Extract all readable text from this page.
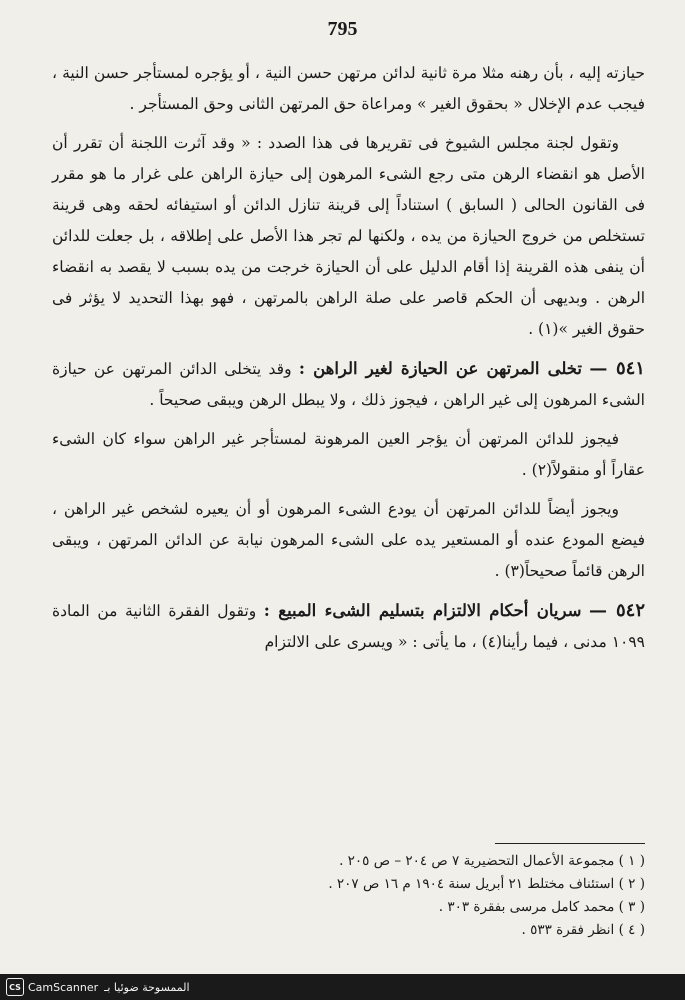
795

حيازته إليه ، بأن رهنه مثلا مرة ثانية لدائن مرتهن حسن النية ، أو يؤجره لمستأجر حسن النية ، فيجب عدم الإخلال « بحقوق الغير » ومراعاة حق المرتهن الثانى وحق المستأجر .

وتقول لجنة مجلس الشيوخ فى تقريرها فى هذا الصدد : « وقد آثرت اللجنة أن تقرر أن الأصل هو انقضاء الرهن متى رجع الشىء المرهون إلى حيازة الراهن على غرار ما هو مقرر فى القانون الحالى ( السابق ) استناداً إلى قرينة تنازل الدائن أو استيفائه لحقه وهى قرينة تستخلص من خروج الحيازة من يده ، ولكنها لم تجر هذا الأصل على إطلاقه ، بل جعلت للدائن أن ينفى هذه القرينة إذا أقام الدليل على أن الحيازة خرجت من يده بسبب لا يقصد به انقضاء الرهن . وبديهى أن الحكم قاصر على صلة الراهن بالمرتهن ، فهو بهذا التحديد لا يؤثر فى حقوق الغير »(١) .

٥٤١ — تخلى المرتهن عن الحيازة لغير الراهن : وقد يتخلى الدائن المرتهن عن حيازة الشىء المرهون إلى غير الراهن ، فيجوز ذلك ، ولا يبطل الرهن ويبقى صحيحاً .

فيجوز للدائن المرتهن أن يؤجر العين المرهونة لمستأجر غير الراهن سواء كان الشىء عقاراً أو منقولاً(٢) .

ويجوز أيضاً للدائن المرتهن أن يودع الشىء المرهون أو أن يعيره لشخص غير الراهن ، فيضع المودع عنده أو المستعير يده على الشىء المرهون نيابة عن الدائن المرتهن ، ويبقى الرهن قائماً صحيحاً(٣) .

٥٤٢ — سريان أحكام الالتزام بتسليم الشىء المبيع : وتقول الفقرة الثانية من المادة ١٠٩٩ مدنى ، فيما رأينا(٤) ، ما يأتى : « ويسرى على الالتزام

( ١ ) مجموعة الأعمال التحضيرية ٧ ص ٢٠٤ – ص ٢٠٥ .
( ٢ ) استئناف مختلط ٢١ أبريل سنة ١٩٠٤ م ١٦ ص ٢٠٧ .
( ٣ ) محمد كامل مرسى بفقرة ٣٠٣ .
( ٤ ) انظر فقرة ٥٣٣ .
CS CamScanner الممسوحة ضوئيا بـ
